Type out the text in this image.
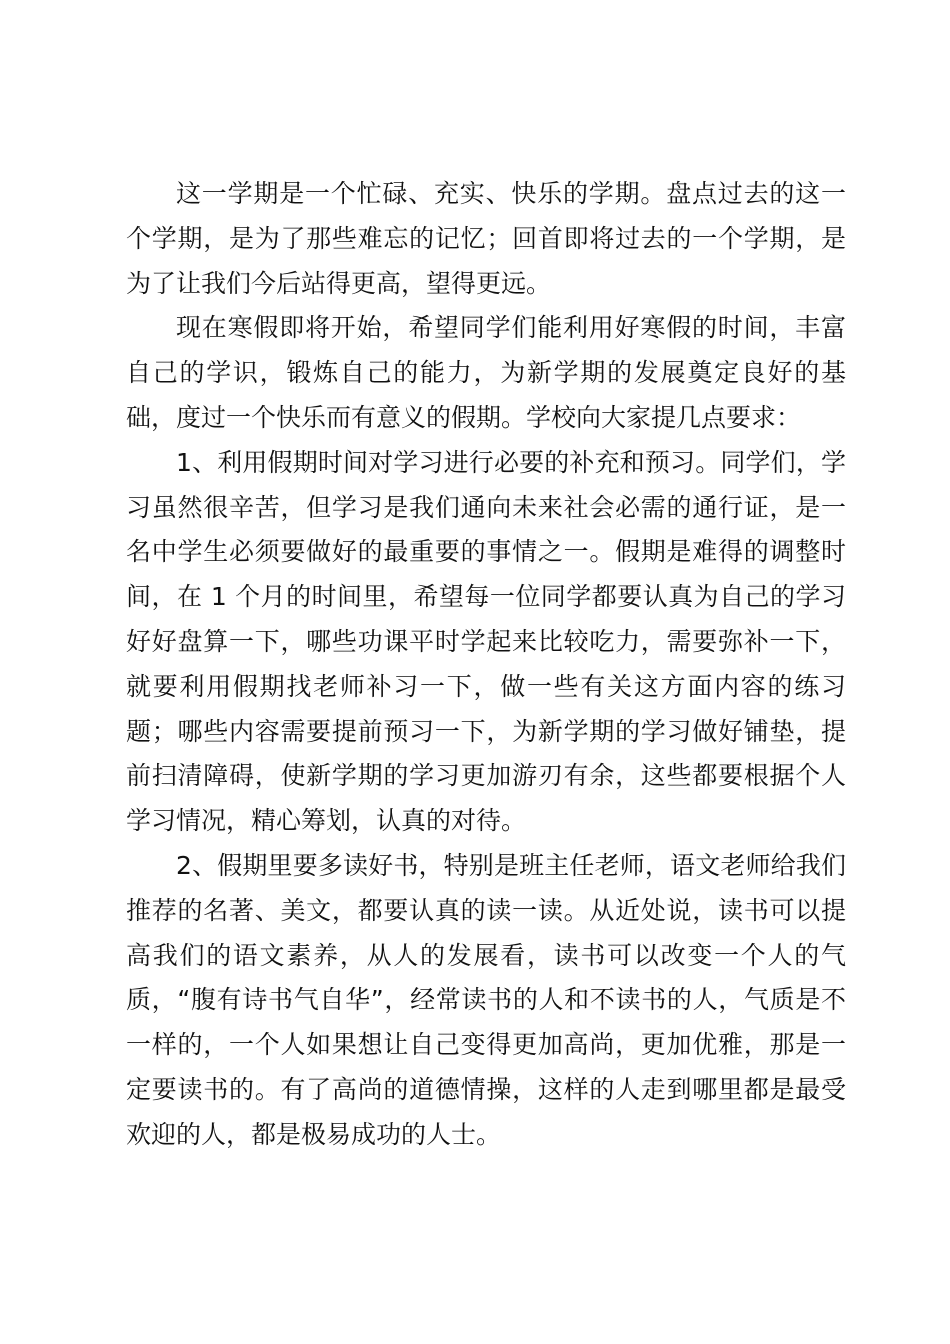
这一学期是一个忙碌、充实、快乐的学期。盘点过去的这一个学期，是为了那些难忘的记忆；回首即将过去的一个学期，是为了让我们今后站得更高，望得更远。

现在寒假即将开始，希望同学们能利用好寒假的时间，丰富自己的学识，锻炼自己的能力，为新学期的发展奠定良好的基础，度过一个快乐而有意义的假期。学校向大家提几点要求：

1、利用假期时间对学习进行必要的补充和预习。同学们，学习虽然很辛苦，但学习是我们通向未来社会必需的通行证，是一名中学生必须要做好的最重要的事情之一。假期是难得的调整时间，在 1 个月的时间里，希望每一位同学都要认真为自己的学习好好盘算一下，哪些功课平时学起来比较吃力，需要弥补一下，就要利用假期找老师补习一下，做一些有关这方面内容的练习题；哪些内容需要提前预习一下，为新学期的学习做好铺垫，提前扫清障碍，使新学期的学习更加游刃有余，这些都要根据个人学习情况，精心筹划，认真的对待。

2、假期里要多读好书，特别是班主任老师，语文老师给我们推荐的名著、美文，都要认真的读一读。从近处说，读书可以提高我们的语文素养，从人的发展看，读书可以改变一个人的气质，“腹有诗书气自华”，经常读书的人和不读书的人，气质是不一样的，一个人如果想让自己变得更加高尚，更加优雅，那是一定要读书的。有了高尚的道德情操，这样的人走到哪里都是最受欢迎的人，都是极易成功的人士。
